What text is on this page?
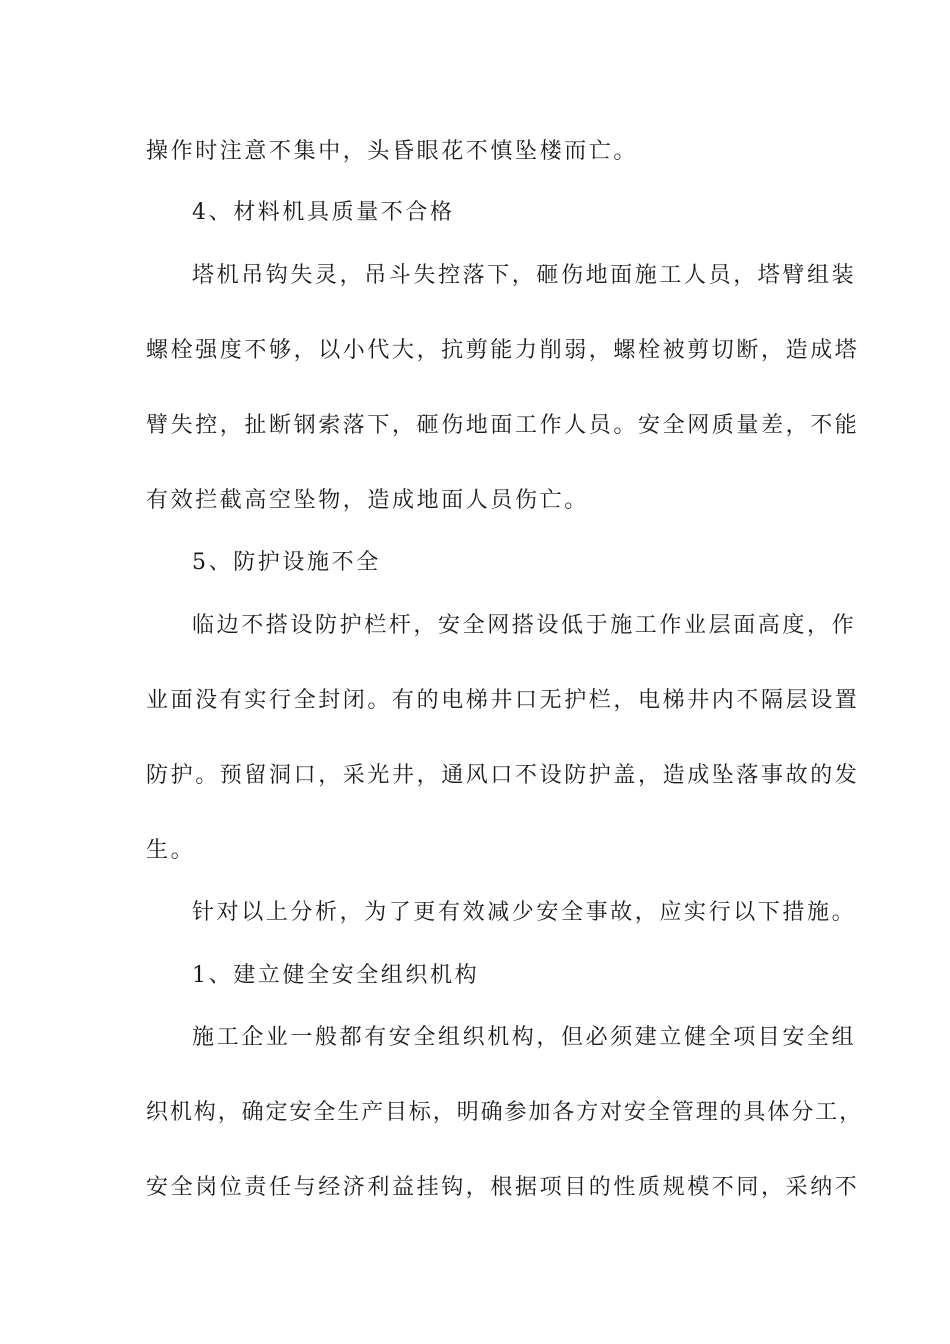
操作时注意不集中，头昏眼花不慎坠楼而亡。
4、材料机具质量不合格
塔机吊钩失灵，吊斗失控落下，砸伤地面施工人员，塔臂组装
螺栓强度不够，以小代大，抗剪能力削弱，螺栓被剪切断，造成塔
臂失控，扯断钢索落下，砸伤地面工作人员。安全网质量差，不能
有效拦截高空坠物，造成地面人员伤亡。
5、防护设施不全
临边不搭设防护栏杆，安全网搭设低于施工作业层面高度，作
业面没有实行全封闭。有的电梯井口无护栏，电梯井内不隔层设置
防护。预留洞口，采光井，通风口不设防护盖，造成坠落事故的发
生。
针对以上分析，为了更有效减少安全事故，应实行以下措施。
1、建立健全安全组织机构
施工企业一般都有安全组织机构，但必须建立健全项目安全组
织机构，确定安全生产目标，明确参加各方对安全管理的具体分工，
安全岗位责任与经济利益挂钩，根据项目的性质规模不同，采纳不
